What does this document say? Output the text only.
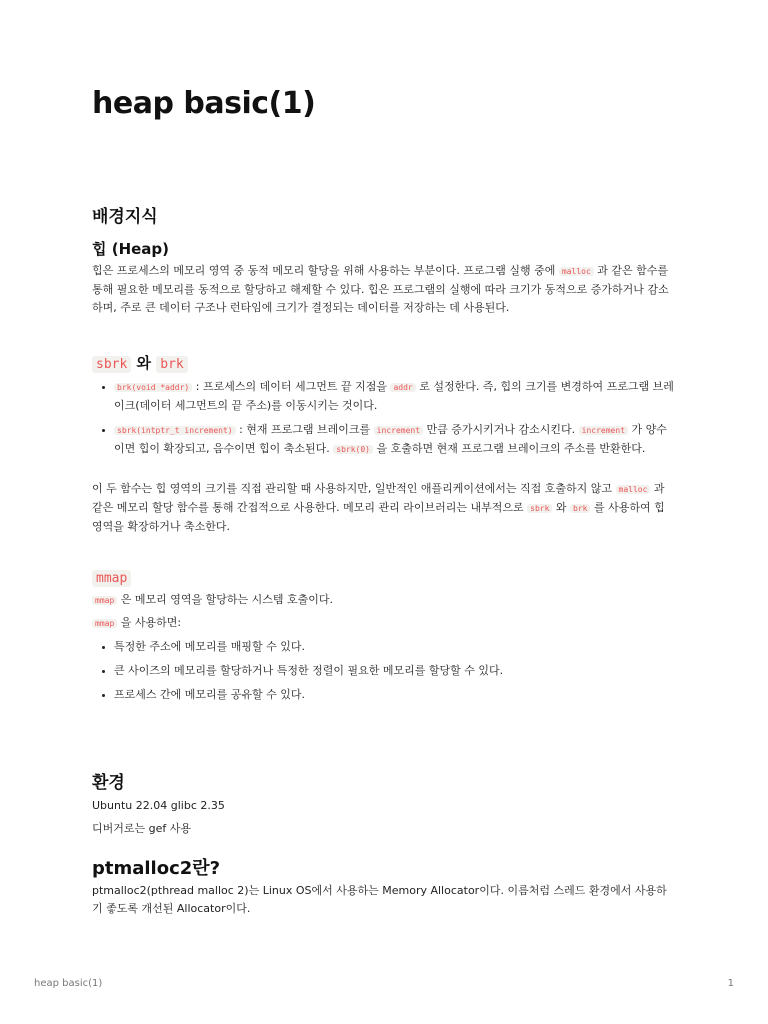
heap basic(1)
배경지식
힙 (Heap)

힙은 프로세스의 메모리 영역 중 동적 메모리 할당을 위해 사용하는 부분이다. 프로그램 실행 중에 malloc 과 같은 함수를 통해 필요한 메모리를 동적으로 할당하고 해제할 수 있다. 힙은 프로그램의 실행에 따라 크기가 동적으로 증가하거나 감소하며, 주로 큰 데이터 구조나 런타임에 크기가 결정되는 데이터를 저장하는 데 사용된다.

sbrk 와 brk
• brk(void *addr) : 프로세스의 데이터 세그먼트 끝 지점을 addr 로 설정한다. 즉, 힙의 크기를 변경하여 프로그램 브레이크(데이터 세그먼트의 끝 주소)를 이동시키는 것이다.
• sbrk(intptr_t increment) : 현재 프로그램 브레이크를 increment 만큼 증가시키거나 감소시킨다. increment 가 양수이면 힙이 확장되고, 음수이면 힙이 축소된다. sbrk(0) 을 호출하면 현재 프로그램 브레이크의 주소를 반환한다.

이 두 함수는 힙 영역의 크기를 직접 관리할 때 사용하지만, 일반적인 애플리케이션에서는 직접 호출하지 않고 malloc 과 같은 메모리 할당 함수를 통해 간접적으로 사용한다. 메모리 관리 라이브러리는 내부적으로 sbrk 와 brk 를 사용하여 힙 영역을 확장하거나 축소한다.

mmap

mmap 은 메모리 영역을 할당하는 시스템 호출이다.

mmap 을 사용하면:

• 특정한 주소에 메모리를 매핑할 수 있다.
• 큰 사이즈의 메모리를 할당하거나 특정한 정렬이 필요한 메모리를 할당할 수 있다.
• 프로세스 간에 메모리를 공유할 수 있다.
환경

Ubuntu 22.04 glibc 2.35

디버거로는 gef 사용

ptmalloc2란?

ptmalloc2(pthread malloc 2)는 Linux OS에서 사용하는 Memory Allocator이다. 이름처럼 스레드 환경에서 사용하기 좋도록 개선된 Allocator이다.

heap basic(1)	1
